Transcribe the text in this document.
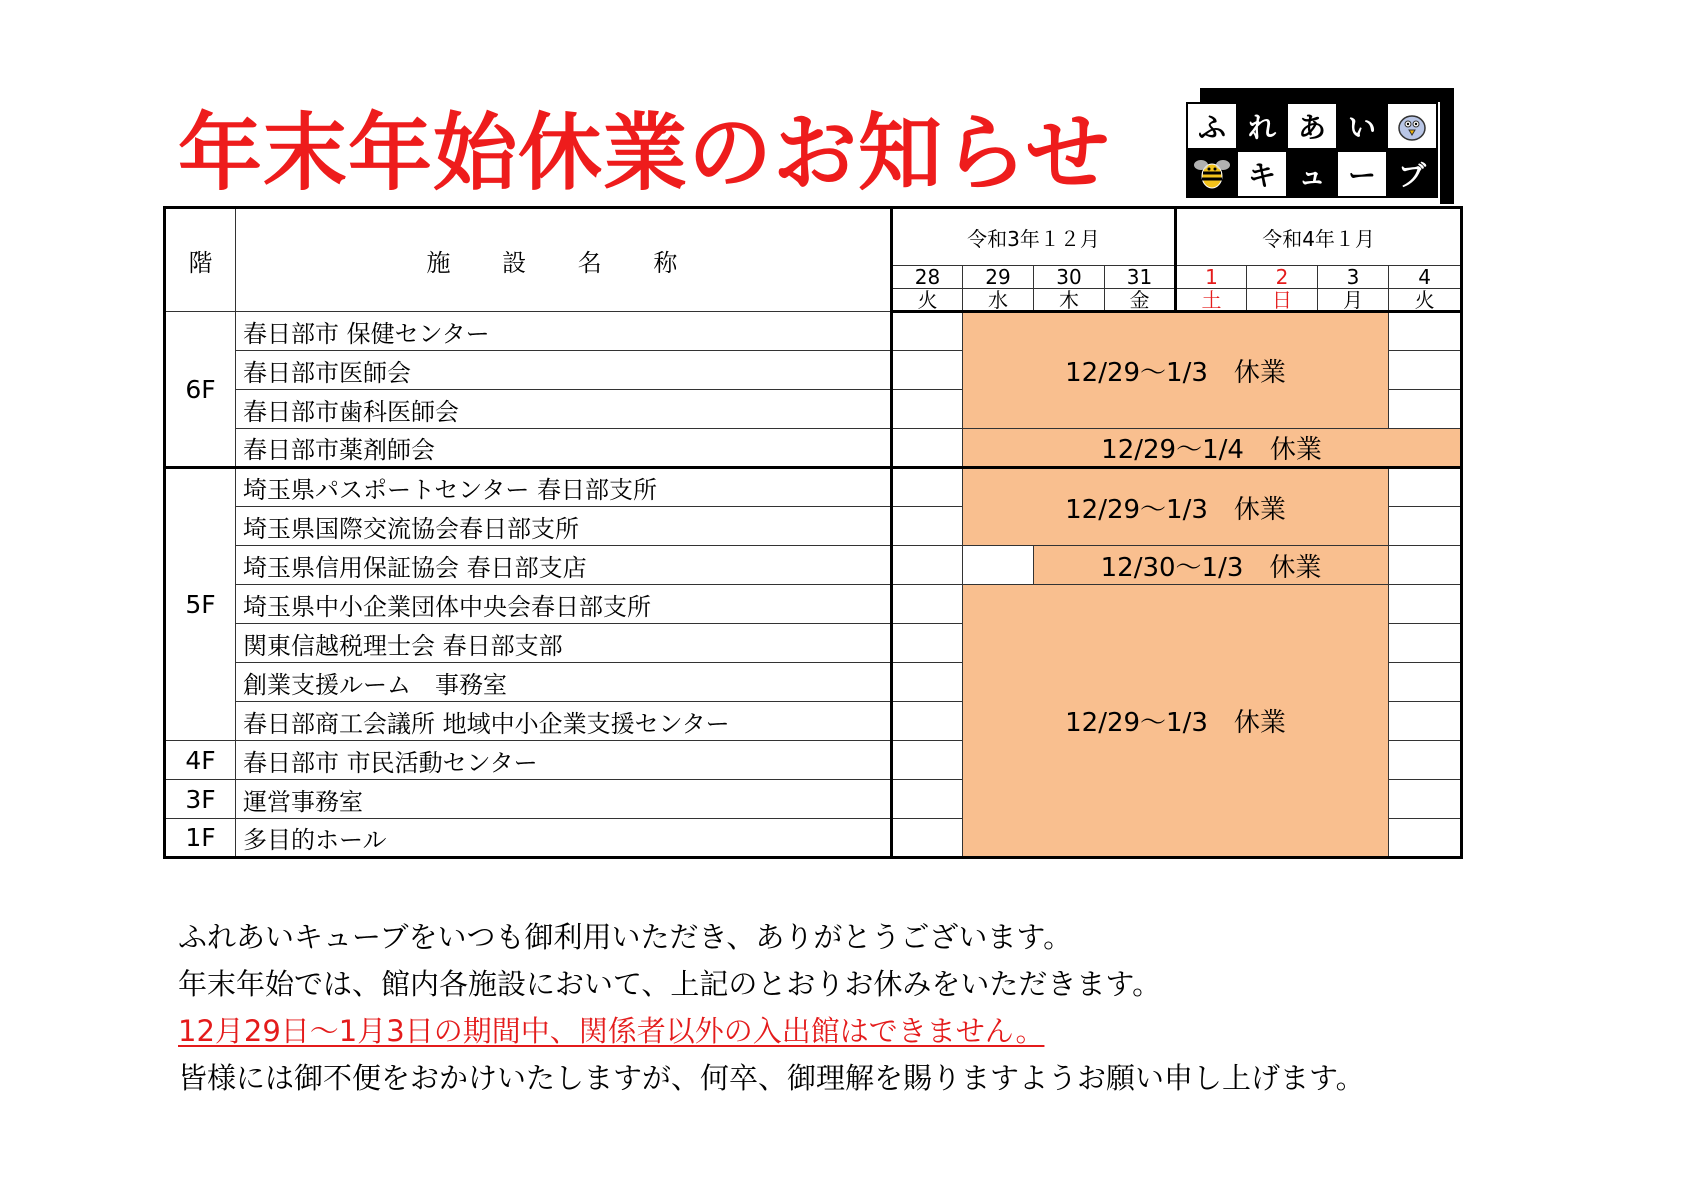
年末年始休業のお知らせ	ふ れ あ い
キ ュ ー ブ
階	施 設 名 称	令和3年１２月				令和4年１月			
		28	29	30	31	1	2	3	4
		火	水	木	金	土	日	月	火
6F	春日部市 保健センター		12/29～1/3　休業						
	春日部市医師会								
	春日部市歯科医師会								
	春日部市薬剤師会		12/29～1/4　休業						
5F	埼玉県パスポートセンター 春日部支所		12/29～1/3　休業						
	埼玉県国際交流協会春日部支所								
	埼玉県信用保証協会 春日部支店			12/30～1/3　休業					
	埼玉県中小企業団体中央会春日部支所		12/29～1/3　休業						
	関東信越税理士会 春日部支部								
	創業支援ルーム　事務室								
	春日部商工会議所 地域中小企業支援センター								
4F	春日部市 市民活動センター								
3F	運営事務室								
1F	多目的ホール								

ふれあいキューブをいつも御利用いただき、ありがとうございます。

年末年始では、館内各施設において、上記のとおりお休みをいただきます。

12月29日～1月3日の期間中、関係者以外の入出館はできません。

皆様には御不便をおかけいたしますが、何卒、御理解を賜りますようお願い申し上げます。
